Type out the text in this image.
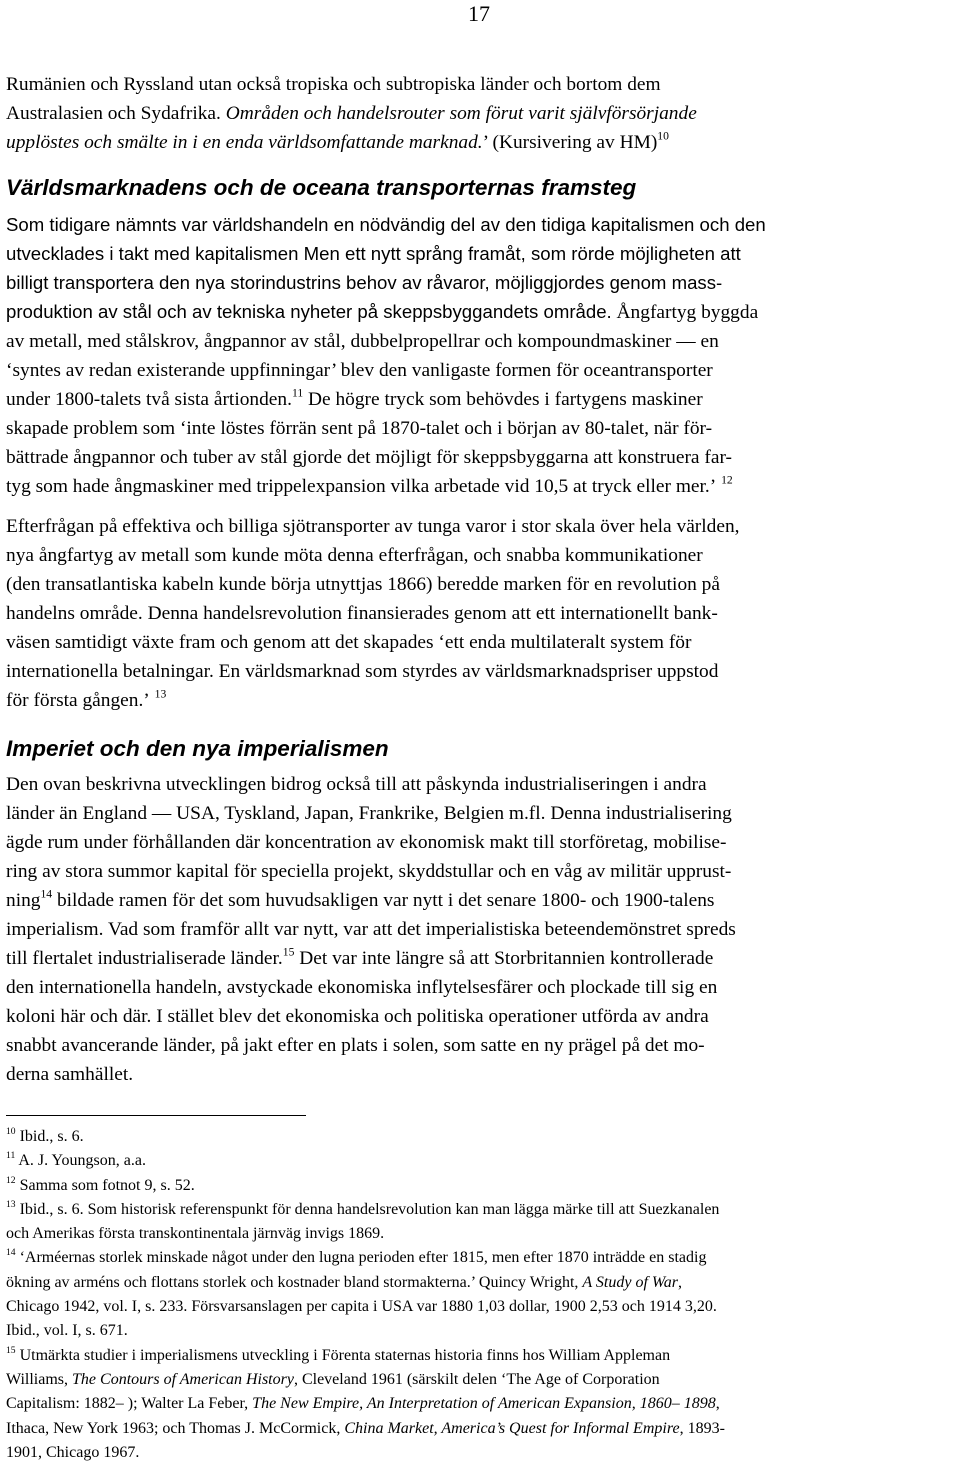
17
Rumänien och Ryssland utan också tropiska och subtropiska länder och bortom dem
Australasien och Sydafrika. Områden och handelsrouter som förut varit självförsörjande
upplöstes och smälte in i en enda världsomfattande marknad.’ (Kursivering av HM)$^{10}$
Världsmarknadens och de oceana transporternas framsteg
Som tidigare nämnts var världshandeln en nödvändig del av den tidiga kapitalismen och den
utvecklades i takt med kapitalismen Men ett nytt språng framåt, som rörde möjligheten att
billigt transportera den nya storindustrins behov av råvaror, möjliggjordes genom mass-
produktion av stål och av tekniska nyheter på skeppsbyggandets område. Ångfartyg byggda
av metall, med stålskrov, ångpannor av stål, dubbelpropellrar och kompoundmaskiner — en
‘syntes av redan existerande uppfinningar’ blev den vanligaste formen för oceantransporter
under 1800-talets två sista årtionden.$^{11}$ De högre tryck som behövdes i fartygens maskiner
skapade problem som ‘inte löstes förrän sent på 1870-talet och i början av 80-talet, när för-
bättrade ångpannor och tuber av stål gjorde det möjligt för skeppsbyggarna att konstruera far-
tyg som hade ångmaskiner med trippelexpansion vilka arbetade vid 10,5 at tryck eller mer.’ $^{12}$
Efterfrågan på effektiva och billiga sjötransporter av tunga varor i stor skala över hela världen,
nya ångfartyg av metall som kunde möta denna efterfrågan, och snabba kommunikationer
(den transatlantiska kabeln kunde börja utnyttjas 1866) beredde marken för en revolution på
handelns område. Denna handelsrevolution finansierades genom att ett internationellt bank-
väsen samtidigt växte fram och genom att det skapades ‘ett enda multilateralt system för
internationella betalningar. En världsmarknad som styrdes av världsmarknadspriser uppstod
för första gången.’ $^{13}$
Imperiet och den nya imperialismen
Den ovan beskrivna utvecklingen bidrog också till att påskynda industrialiseringen i andra
länder än England — USA, Tyskland, Japan, Frankrike, Belgien m.fl. Denna industrialisering
ägde rum under förhållanden där koncentration av ekonomisk makt till storföretag, mobilise-
ring av stora summor kapital för speciella projekt, skyddstullar och en våg av militär upprust-
ning$^{14}$ bildade ramen för det som huvudsakligen var nytt i det senare 1800- och 1900-talens
imperialism. Vad som framför allt var nytt, var att det imperialistiska beteendemönstret spreds
till flertalet industrialiserade länder.$^{15}$ Det var inte längre så att Storbritannien kontrollerade
den internationella handeln, avstyckade ekonomiska inflytelsesfärer och plockade till sig en
koloni här och där. I stället blev det ekonomiska och politiska operationer utförda av andra
snabbt avancerande länder, på jakt efter en plats i solen, som satte en ny prägel på det mo-
derna samhället.
$^{10}$ Ibid., s. 6.
$^{11}$ A. J. Youngson, a.a.
$^{12}$ Samma som fotnot 9, s. 52.
$^{13}$ Ibid., s. 6. Som historisk referenspunkt för denna handelsrevolution kan man lägga märke till att Suezkanalen
och Amerikas första transkontinentala järnväg invigs 1869.
$^{14}$ ‘Arméernas storlek minskade något under den lugna perioden efter 1815, men efter 1870 inträdde en stadig
ökning av arméns och flottans storlek och kostnader bland stormakterna.’ Quincy Wright, A Study of War,
Chicago 1942, vol. I, s. 233. Försvarsanslagen per capita i USA var 1880 1,03 dollar, 1900 2,53 och 1914 3,20.
Ibid., vol. I, s. 671.
$^{15}$ Utmärkta studier i imperialismens utveckling i Förenta staternas historia finns hos William Appleman
Williams, The Contours of American History, Cleveland 1961 (särskilt delen ‘The Age of Corporation
Capitalism: 1882– ); Walter La Feber, The New Empire, An Interpretation of American Expansion, 1860– 1898,
Ithaca, New York 1963; och Thomas J. McCormick, China Market, America’s Quest for Informal Empire, 1893-
1901, Chicago 1967.
